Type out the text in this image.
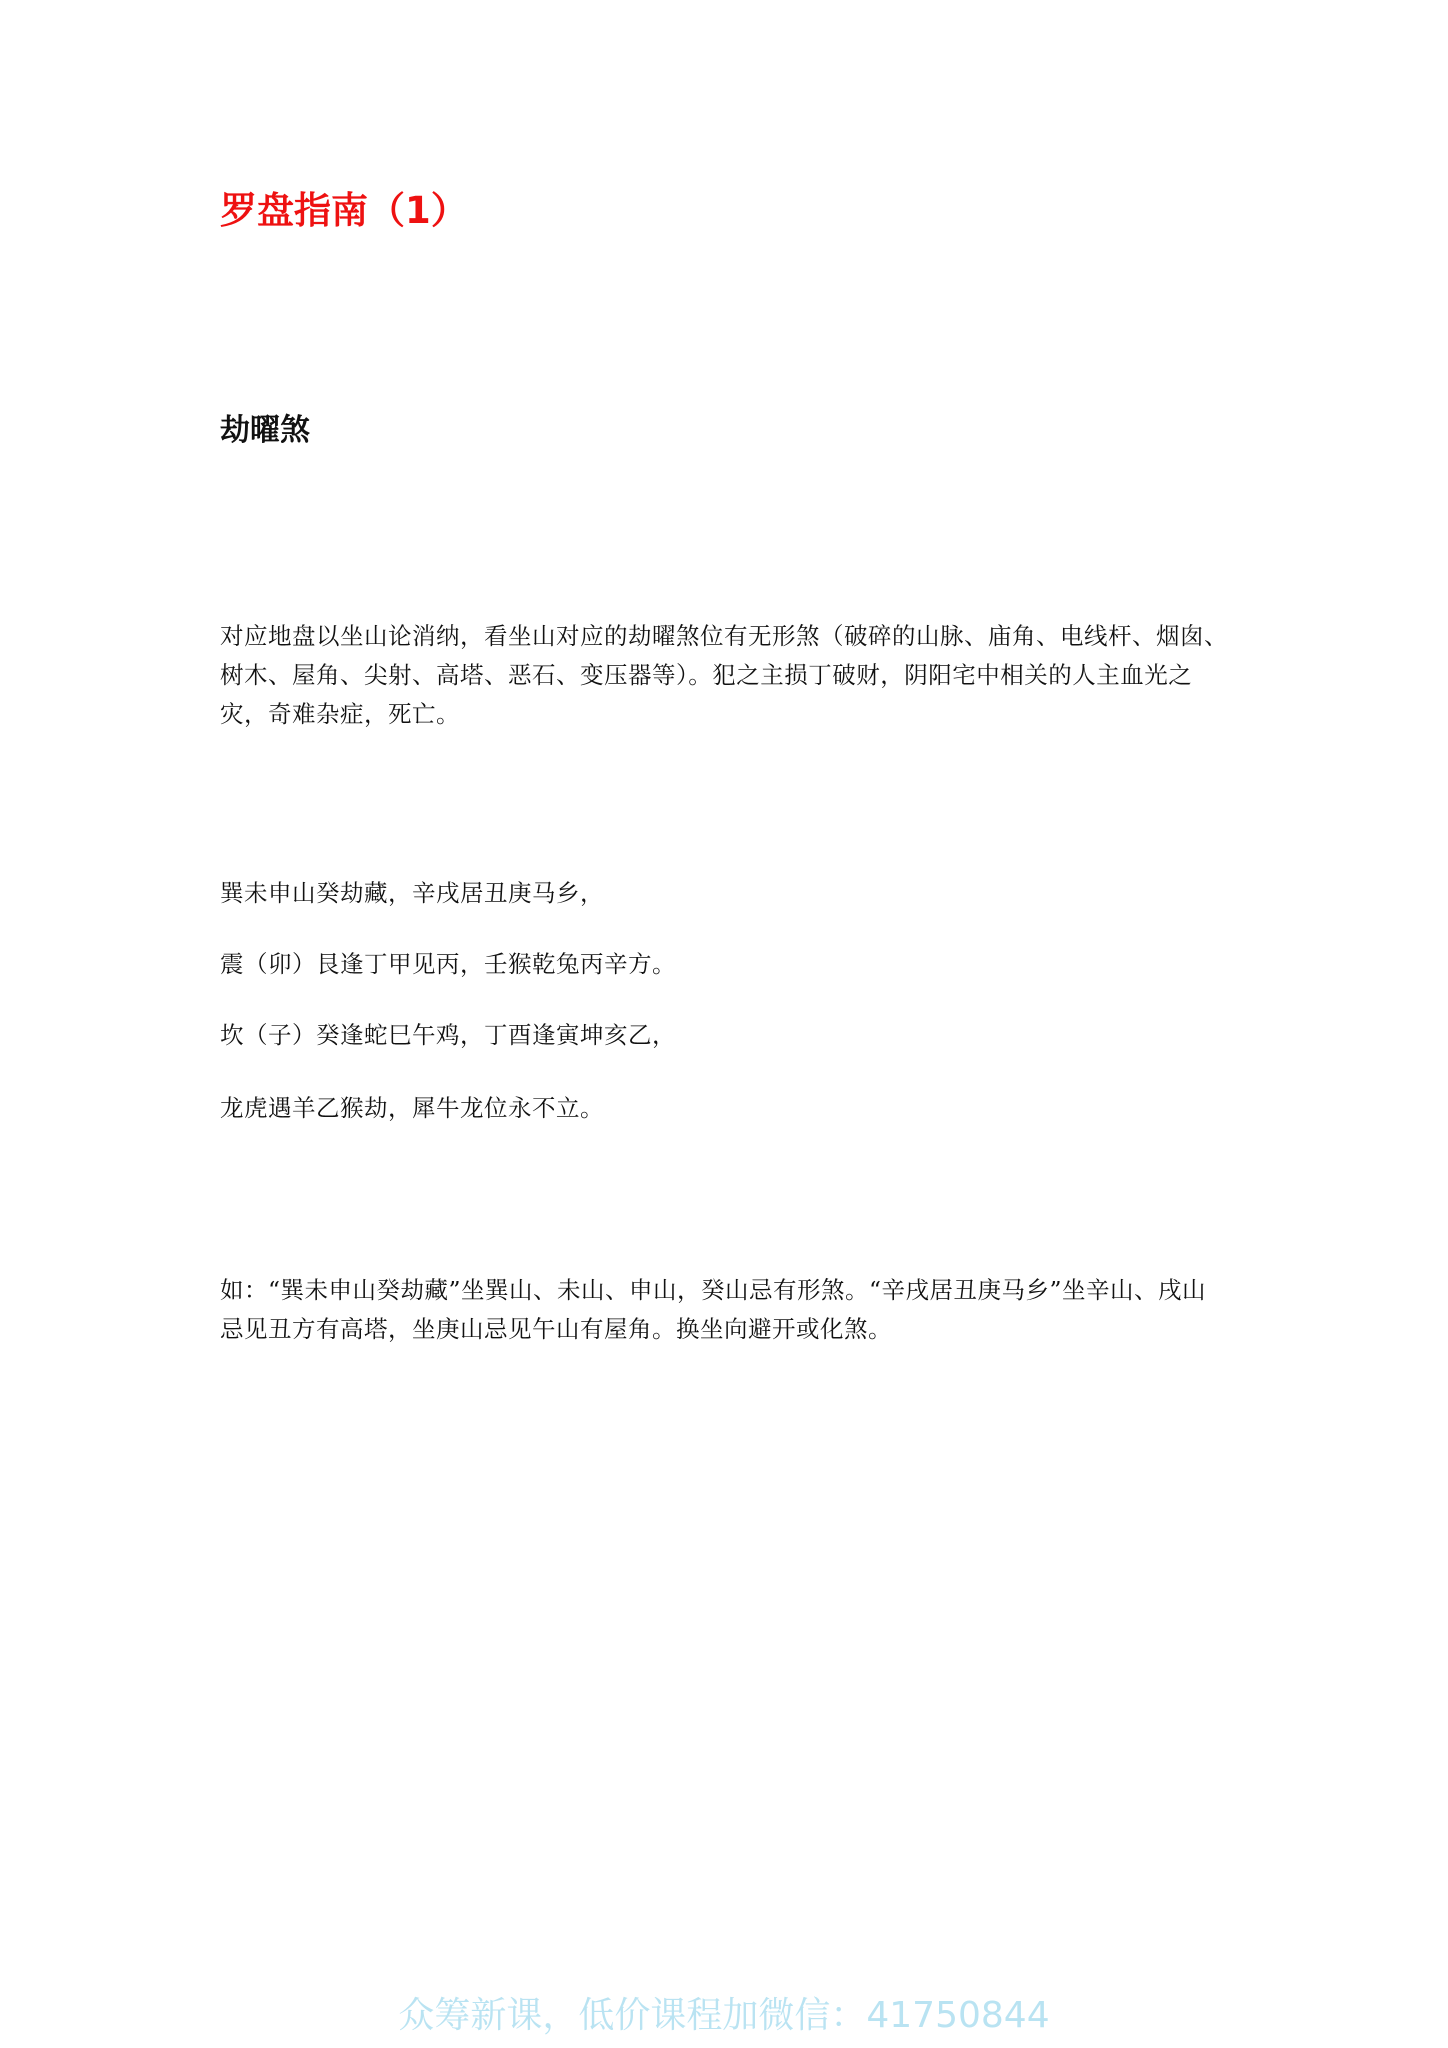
罗盘指南（1）
劫曜煞

对应地盘以坐山论消纳，看坐山对应的劫曜煞位有无形煞（破碎的山脉、庙角、电线杆、烟囱、树木、屋角、尖射、高塔、恶石、变压器等）。犯之主损丁破财，阴阳宅中相关的人主血光之灾，奇难杂症，死亡。

巽未申山癸劫藏，辛戌居丑庚马乡，

震（卯）艮逢丁甲见丙，壬猴乾兔丙辛方。

坎（子）癸逢蛇巳午鸡，丁酉逢寅坤亥乙，

龙虎遇羊乙猴劫，犀牛龙位永不立。

如：“巽未申山癸劫藏”坐巽山、未山、申山，癸山忌有形煞。“辛戌居丑庚马乡”坐辛山、戌山忌见丑方有高塔，坐庚山忌见午山有屋角。换坐向避开或化煞。

众筹新课，低价课程加微信：41750844
